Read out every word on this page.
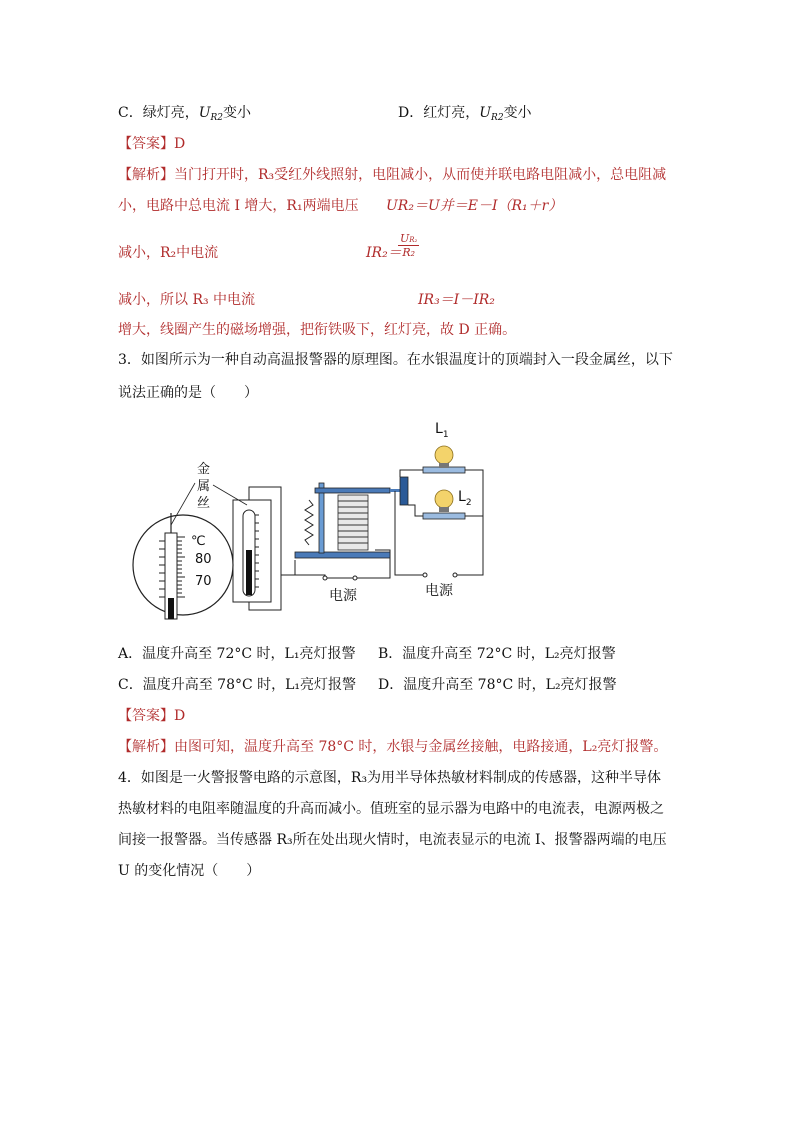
C．绿灯亮，$U_{R2}$变小	D．红灯亮，$U_{R2}$变小
【答案】D
【解析】当门打开时，R₃受红外线照射，电阻减小，从而使并联电路电阻减小，总电阻减
小，电路中总电流 I 增大，R₁两端电压 UR₂＝U并＝E－I（R₁＋r）
减小，R₂中电流	IR₂＝
$\frac{\text{UR₂}}{\text{R₂}}$
减小，所以 R₃ 中电流	IR₃＝I－IR₂
增大，线圈产生的磁场增强，把衔铁吸下，红灯亮，故 D 正确。
3．如图所示为一种自动高温报警器的原理图。在水银温度计的顶端封入一段金属丝，以下
说法正确的是（　　）
℃
80
70
金
属
丝
电源
$L_1$
$L_2$
电源
A．温度升高至 72°C 时，L₁亮灯报警 B．温度升高至 72°C 时，L₂亮灯报警
C．温度升高至 78°C 时，L₁亮灯报警 D．温度升高至 78°C 时，L₂亮灯报警
【答案】D
【解析】由图可知，温度升高至 78°C 时，水银与金属丝接触，电路接通，L₂亮灯报警。
4．如图是一火警报警电路的示意图，R₃为用半导体热敏材料制成的传感器，这种半导体
热敏材料的电阻率随温度的升高而减小。值班室的显示器为电路中的电流表，电源两极之
间接一报警器。当传感器 R₃所在处出现火情时，电流表显示的电流 I、报警器两端的电压
U 的变化情况（　　）
